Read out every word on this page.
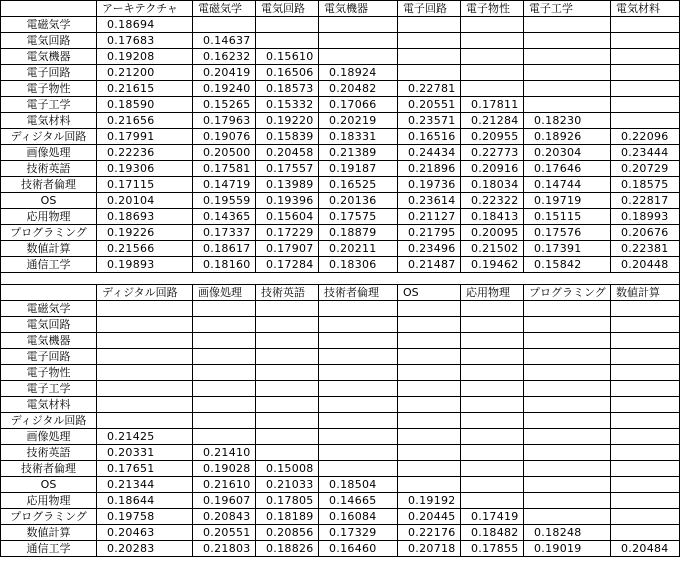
	アーキテクチャ	電磁気学	電気回路	電気機器	電子回路	電子物性	電子工学	電気材料
電磁気学	0.18694							
電気回路	0.17683	0.14637						
電気機器	0.19208	0.16232	0.15610					
電子回路	0.21200	0.20419	0.16506	0.18924				
電子物性	0.21615	0.19240	0.18573	0.20482	0.22781			
電子工学	0.18590	0.15265	0.15332	0.17066	0.20551	0.17811		
電気材料	0.21656	0.17963	0.19220	0.20219	0.23571	0.21284	0.18230	
ディジタル回路	0.17991	0.19076	0.15839	0.18331	0.16516	0.20955	0.18926	0.22096
画像処理	0.22236	0.20500	0.20458	0.21389	0.24434	0.22773	0.20304	0.23444
技術英語	0.19306	0.17581	0.17557	0.19187	0.21896	0.20916	0.17646	0.20729
技術者倫理	0.17115	0.14719	0.13989	0.16525	0.19736	0.18034	0.14744	0.18575
OS	0.20104	0.19559	0.19396	0.20136	0.23614	0.22322	0.19719	0.22817
応用物理	0.18693	0.14365	0.15604	0.17575	0.21127	0.18413	0.15115	0.18993
プログラミング	0.19226	0.17337	0.17229	0.18879	0.21795	0.20095	0.17576	0.20676
数値計算	0.21566	0.18617	0.17907	0.20211	0.23496	0.21502	0.17391	0.22381
通信工学	0.19893	0.18160	0.17284	0.18306	0.21487	0.19462	0.15842	0.20448

	ディジタル回路	画像処理	技術英語	技術者倫理	OS	応用物理	プログラミング	数値計算
電磁気学								
電気回路								
電気機器								
電子回路								
電子物性								
電子工学								
電気材料								
ディジタル回路								
画像処理	0.21425							
技術英語	0.20331	0.21410						
技術者倫理	0.17651	0.19028	0.15008					
OS	0.21344	0.21610	0.21033	0.18504				
応用物理	0.18644	0.19607	0.17805	0.14665	0.19192			
プログラミング	0.19758	0.20843	0.18189	0.16084	0.20445	0.17419		
数値計算	0.20463	0.20551	0.20856	0.17329	0.22176	0.18482	0.18248	
通信工学	0.20283	0.21803	0.18826	0.16460	0.20718	0.17855	0.19019	0.20484
